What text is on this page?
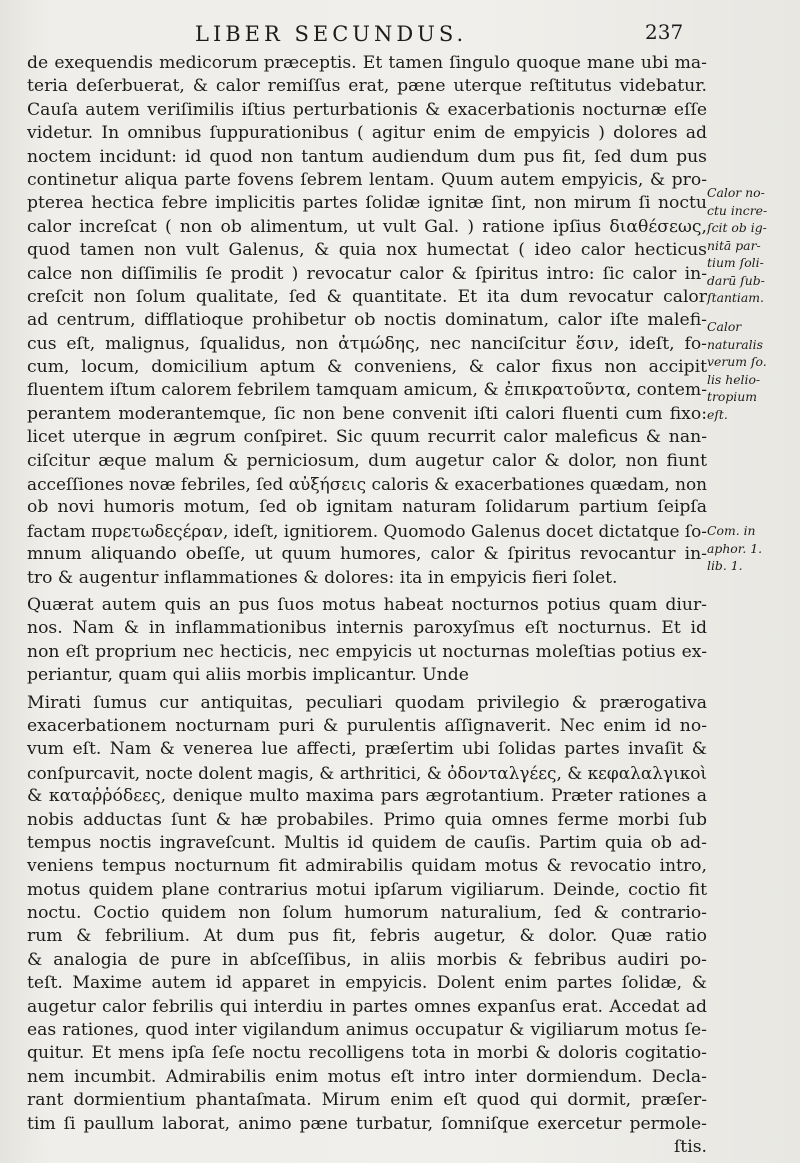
LIBER SECUNDUS.	237
de exequendis medicorum præceptis. Et tamen ſingulo quoque mane ubi ma-
teria deſerbuerat, & calor remiſſus erat, pæne uterque reſtitutus videbatur.
Cauſa autem veriſimilis iſtius perturbationis & exacerbationis nocturnæ eſſe
videtur. In omnibus ſuppurationibus ( agitur enim de empyicis ) dolores ad
noctem incidunt: id quod non tantum audiendum dum pus fit, ſed dum pus
continetur aliqua parte fovens ſebrem lentam. Quum autem empyicis, & pro-
pterea hectica febre implicitis partes ſolidæ ignitæ ſint, non mirum ſi noctu
calor increſcat ( non ob alimentum, ut vult Gal. ) ratione ipſius διαθέσεως,
quod tamen non vult Galenus, & quia nox humectat ( ideo calor hecticus
calce non diſſimilis ſe prodit ) revocatur calor & ſpiritus intro: ſic calor in-
creſcit non ſolum qualitate, ſed & quantitate. Et ita dum revocatur calor
ad centrum, difflatioque prohibetur ob noctis dominatum, calor iſte malefi-
cus eſt, malignus, ſqualidus, non ἀτμώδης, nec nanciſcitur ἕσιν, ideſt, fo-
cum, locum, domicilium aptum & conveniens, & calor fixus non accipit
fluentem iſtum calorem febrilem tamquam amicum, & ἐπικρατοῦντα, contem-
perantem moderantemque, ſic non bene convenit iſti calori fluenti cum fixo:
licet uterque in ægrum conſpiret. Sic quum recurrit calor maleficus & nan-
ciſcitur æque malum & perniciosum, dum augetur calor & dolor, non fiunt
acceſſiones novæ febriles, ſed αὐξήσεις caloris & exacerbationes quædam, non
ob novi humoris motum, ſed ob ignitam naturam ſolidarum partium ſeipſa
factam πυρετωδεςέραν, ideſt, ignitiorem. Quomodo Galenus docet dictatque ſo-
mnum aliquando obeſſe, ut quum humores, calor & ſpiritus revocantur in-
tro & augentur inflammationes & dolores: ita in empyicis fieri ſolet.
Quærat autem quis an pus ſuos motus habeat nocturnos potius quam diur-
nos. Nam & in inflammationibus internis paroxyſmus eſt nocturnus. Et id
non eſt proprium nec hecticis, nec empyicis ut nocturnas moleſtias potius ex-
periantur, quam qui aliis morbis implicantur. Unde
Mirati ſumus cur antiquitas, peculiari quodam privilegio & prærogativa
exacerbationem nocturnam puri & purulentis aſſignaverit. Nec enim id no-
vum eſt. Nam & venerea lue affecti, præſertim ubi ſolidas partes invaſit &
conſpurcavit, nocte dolent magis, & arthritici, & ὀδονταλγέες, & κεφαλαλγικοὶ
& καταῤῥόδεες, denique multo maxima pars ægrotantium. Præter rationes a
nobis adductas ſunt & hæ probabiles. Primo quia omnes ferme morbi ſub
tempus noctis ingraveſcunt. Multis id quidem de cauſis. Partim quia ob ad-
veniens tempus nocturnum fit admirabilis quidam motus & revocatio intro,
motus quidem plane contrarius motui ipſarum vigiliarum. Deinde, coctio fit
noctu. Coctio quidem non ſolum humorum naturalium, ſed & contrario-
rum & febrilium. At dum pus fit, febris augetur, & dolor. Quæ ratio
& analogia de pure in abſceſſibus, in aliis morbis & febribus audiri po-
teſt. Maxime autem id apparet in empyicis. Dolent enim partes ſolidæ, &
augetur calor febrilis qui interdiu in partes omnes expanſus erat. Accedat ad
eas rationes, quod inter vigilandum animus occupatur & vigiliarum motus ſe-
quitur. Et mens ipſa ſeſe noctu recolligens tota in morbi & doloris cogitatio-
nem incumbit. Admirabilis enim motus eſt intro inter dormiendum. Decla-
rant dormientium phantaſmata. Mirum enim eſt quod qui dormit, præſer-
tim ſi paullum laborat, animo pæne turbatur, ſomniſque exercetur permole-
ſtis.
Calor no-
ctu incre-
ſcit ob ig-
nitā par-
tium ſoli-
darū ſub-
ſtantiam.
Calor
naturalis
verum ſo.
lis helio-
tropium
eſt.
Com. in
aphor. 1.
lib. 1.
